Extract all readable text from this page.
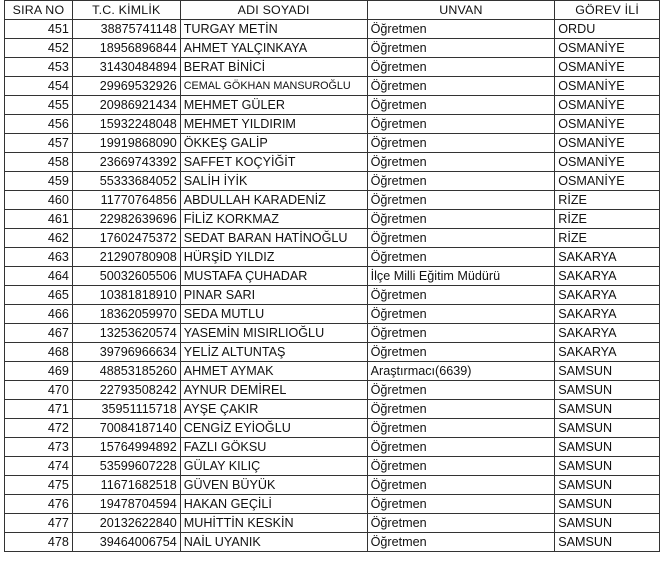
SIRA NO	T.C. KİMLİK	ADI SOYADI	UNVAN	GÖREV İLİ
451	38875741148	TURGAY METİN	Öğretmen	ORDU
452	18956896844	AHMET YALÇINKAYA	Öğretmen	OSMANİYE
453	31430484894	BERAT BİNİCİ	Öğretmen	OSMANİYE
454	29969532926	CEMAL GÖKHAN MANSUROĞLU	Öğretmen	OSMANİYE
455	20986921434	MEHMET GÜLER	Öğretmen	OSMANİYE
456	15932248048	MEHMET YILDIRIM	Öğretmen	OSMANİYE
457	19919868090	ÖKKEŞ GALİP	Öğretmen	OSMANİYE
458	23669743392	SAFFET KOÇYİĞİT	Öğretmen	OSMANİYE
459	55333684052	SALİH İYİK	Öğretmen	OSMANİYE
460	11770764856	ABDULLAH KARADENİZ	Öğretmen	RİZE
461	22982639696	FİLİZ KORKMAZ	Öğretmen	RİZE
462	17602475372	SEDAT BARAN HATİNOĞLU	Öğretmen	RİZE
463	21290780908	HÜRŞİD YILDIZ	Öğretmen	SAKARYA
464	50032605506	MUSTAFA ÇUHADAR	İlçe Milli Eğitim Müdürü	SAKARYA
465	10381818910	PINAR SARI	Öğretmen	SAKARYA
466	18362059970	SEDA MUTLU	Öğretmen	SAKARYA
467	13253620574	YASEMİN MISIRLIOĞLU	Öğretmen	SAKARYA
468	39796966634	YELİZ ALTUNTAŞ	Öğretmen	SAKARYA
469	48853185260	AHMET AYMAK	Araştırmacı(6639)	SAMSUN
470	22793508242	AYNUR DEMİREL	Öğretmen	SAMSUN
471	35951115718	AYŞE ÇAKIR	Öğretmen	SAMSUN
472	70084187140	CENGİZ EYİOĞLU	Öğretmen	SAMSUN
473	15764994892	FAZLI GÖKSU	Öğretmen	SAMSUN
474	53599607228	GÜLAY KILIÇ	Öğretmen	SAMSUN
475	11671682518	GÜVEN BÜYÜK	Öğretmen	SAMSUN
476	19478704594	HAKAN GEÇİLİ	Öğretmen	SAMSUN
477	20132622840	MUHİTTİN KESKİN	Öğretmen	SAMSUN
478	39464006754	NAİL UYANIK	Öğretmen	SAMSUN
